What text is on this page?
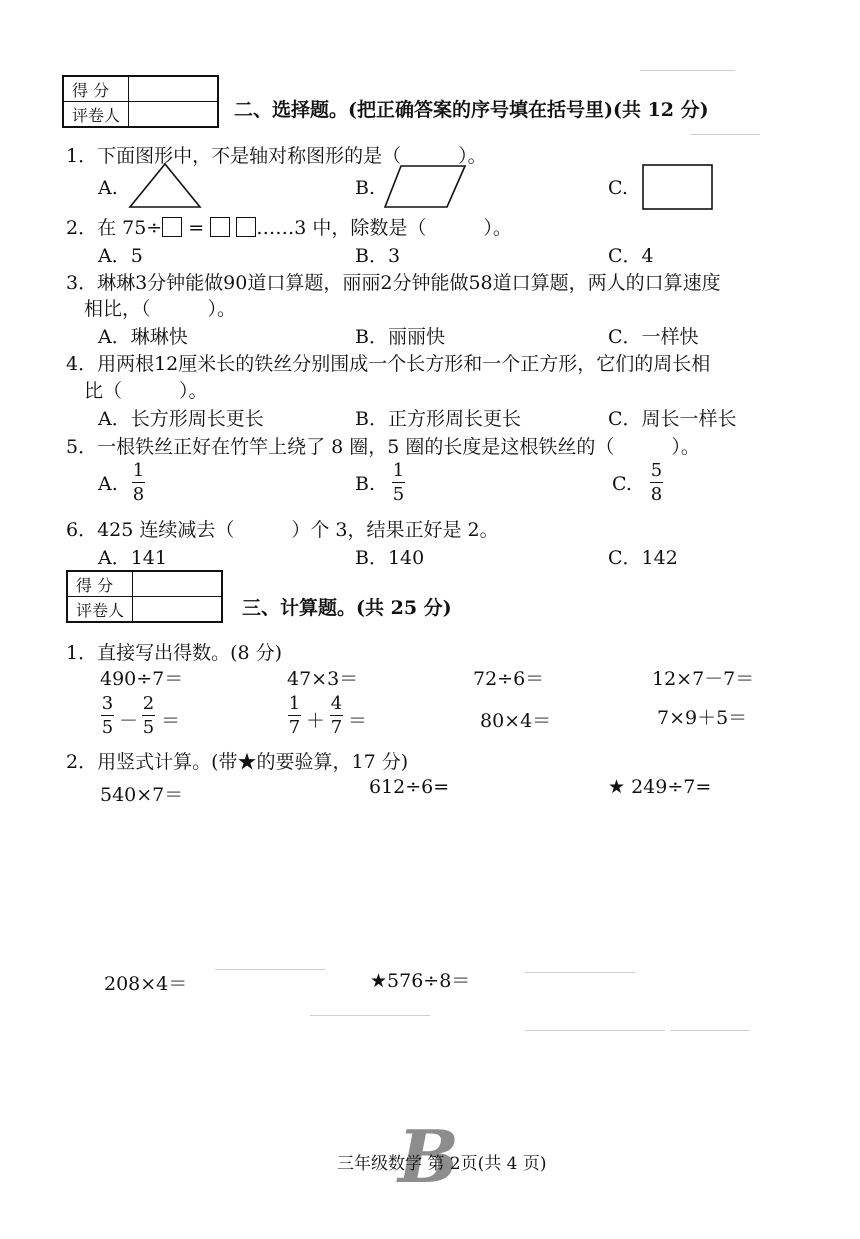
得 分	
评卷人		二、选择题。(把正确答案的序号填在括号里)(共 12 分)
1．下面图形中，不是轴对称图形的是（　　　）。
A.	B.	C.
2．在 75÷ =  ……3 中，除数是（　　　）。
A．5	B．3	C．4
3．琳琳3分钟能做90道口算题，丽丽2分钟能做58道口算题，两人的口算速度
相比，（　　　）。
A．琳琳快	B．丽丽快	C．一样快
4．用两根12厘米长的铁丝分别围成一个长方形和一个正方形，它们的周长相
比（　　　）。
A．长方形周长更长	B．正方形周长更长	C．周长一样长
5．一根铁丝正好在竹竿上绕了 8 圈，5 圈的长度是这根铁丝的（　　　）。
A.
1
8	B.
1
5	C.
5
8
6．425 连续减去（　　　）个 3，结果正好是 2。
A．141	B．140	C．142
得 分	
评卷人		三、计算题。(共 25 分)
1．直接写出得数。(8 分)
490÷7＝	47×3＝	72÷6＝	12×7－7＝
3
5 －
2
5 ＝
1
7 ＋
4
7 ＝	80×4＝	7×9＋5＝
2．用竖式计算。(带★的要验算，17 分)
540×7＝	612÷6=	★ 249÷7=
208×4＝	★576÷8＝
B
三年级数学 第 2页(共 4 页)
